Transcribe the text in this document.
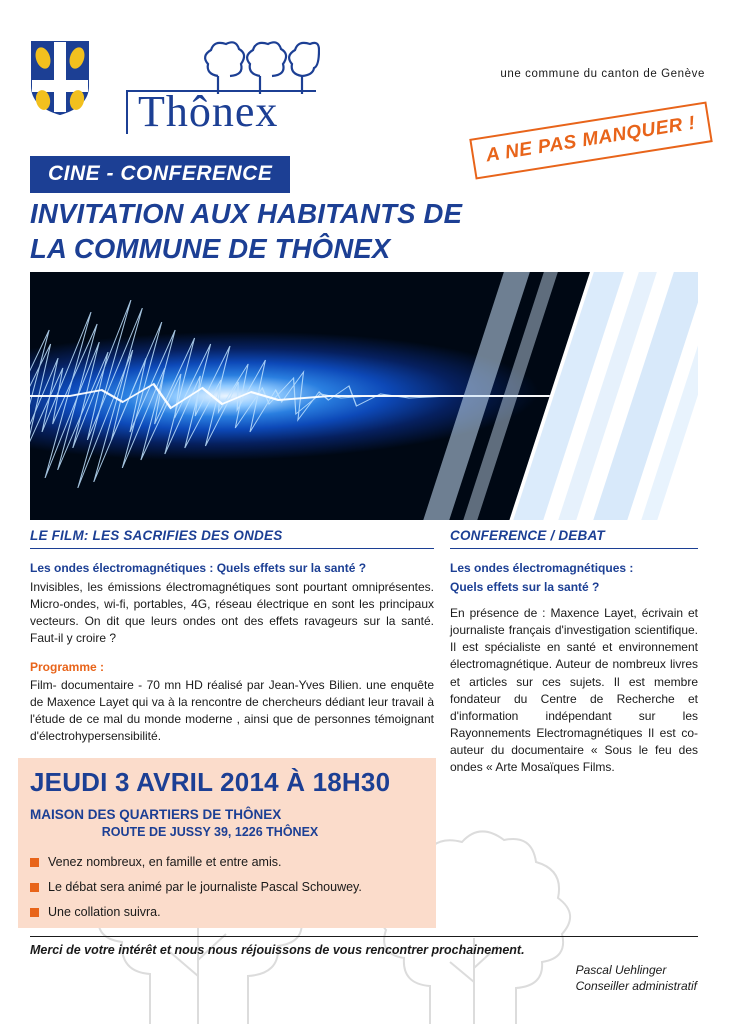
Thônex
une commune du canton de Genève
A NE PAS MANQUER !
CINE - CONFERENCE
INVITATION AUX HABITANTS DE
LA COMMUNE DE THÔNEX
LE FILM: LES SACRIFIES DES ONDES
Les ondes électromagnétiques : Quels effets sur la santé ?
Invisibles, les émissions électromagnétiques sont pourtant omniprésentes. Micro-ondes, wi-fi, portables, 4G, réseau électrique en sont les principaux vecteurs. On dit que leurs ondes ont des effets ravageurs sur la santé. Faut-il y croire ?
Programme :
Film- documentaire - 70 mn HD réalisé par Jean-Yves Bilien. une enquête de Maxence Layet qui va à la rencontre de chercheurs dédiant leur travail à l'étude de ce mal du monde moderne , ainsi que de personnes témoignant d'électrohypersensibilité.
CONFERENCE / DEBAT
Les ondes électromagnétiques :
Quels effets sur la santé ?
En présence de : Maxence Layet, écrivain et journaliste français d'investigation scientifique. Il est spécialiste en santé et environnement électromagnétique. Auteur de nombreux livres et articles sur ces sujets. Il est membre fondateur du Centre de Recherche et d'information indépendant sur les Rayonnements Electromagnétiques Il est co-auteur du documentaire « Sous le feu des ondes « Arte Mosaïques Films.
JEUDI 3 AVRIL 2014 À 18H30
MAISON DES QUARTIERS DE THÔNEX
ROUTE DE JUSSY 39, 1226 THÔNEX
Venez nombreux, en famille et entre amis.
Le débat sera animé par le journaliste Pascal Schouwey.
Une collation suivra.
Merci de votre intérêt et nous nous réjouissons de vous rencontrer prochainement.
Pascal Uehlinger
Conseiller administratif
